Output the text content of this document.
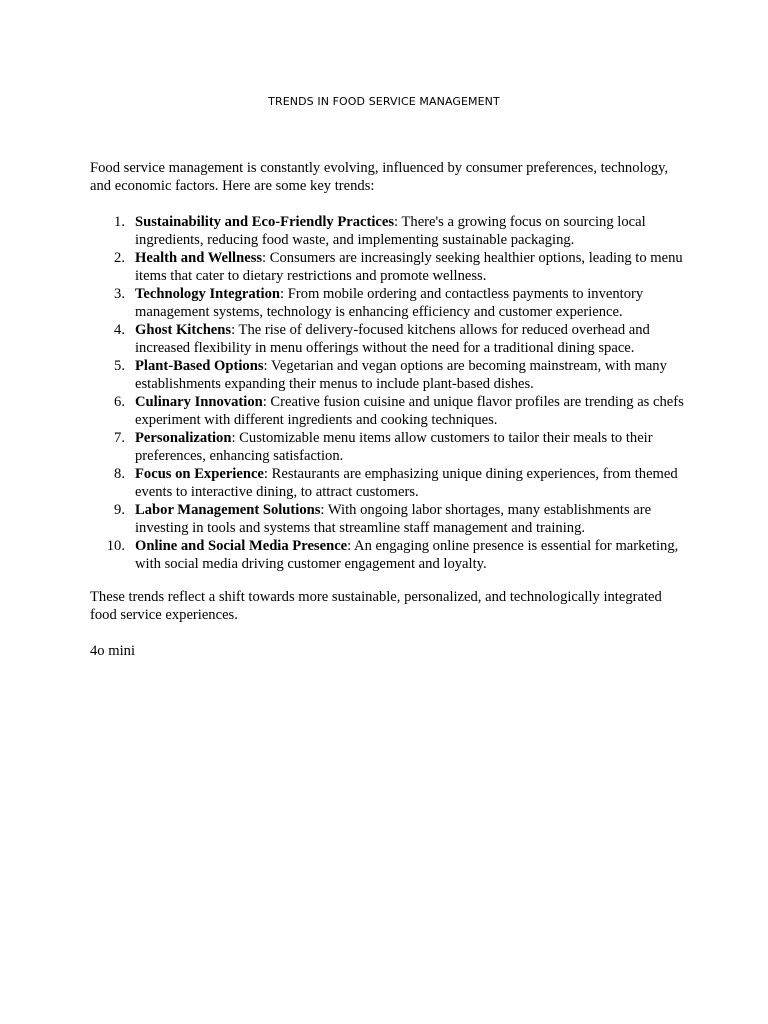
TRENDS IN FOOD SERVICE MANAGEMENT
Food service management is constantly evolving, influenced by consumer preferences, technology, and economic factors. Here are some key trends:
1. Sustainability and Eco-Friendly Practices: There's a growing focus on sourcing local ingredients, reducing food waste, and implementing sustainable packaging.
2. Health and Wellness: Consumers are increasingly seeking healthier options, leading to menu items that cater to dietary restrictions and promote wellness.
3. Technology Integration: From mobile ordering and contactless payments to inventory management systems, technology is enhancing efficiency and customer experience.
4. Ghost Kitchens: The rise of delivery-focused kitchens allows for reduced overhead and increased flexibility in menu offerings without the need for a traditional dining space.
5. Plant-Based Options: Vegetarian and vegan options are becoming mainstream, with many establishments expanding their menus to include plant-based dishes.
6. Culinary Innovation: Creative fusion cuisine and unique flavor profiles are trending as chefs experiment with different ingredients and cooking techniques.
7. Personalization: Customizable menu items allow customers to tailor their meals to their preferences, enhancing satisfaction.
8. Focus on Experience: Restaurants are emphasizing unique dining experiences, from themed events to interactive dining, to attract customers.
9. Labor Management Solutions: With ongoing labor shortages, many establishments are investing in tools and systems that streamline staff management and training.
10. Online and Social Media Presence: An engaging online presence is essential for marketing, with social media driving customer engagement and loyalty.
These trends reflect a shift towards more sustainable, personalized, and technologically integrated food service experiences.
4o mini
